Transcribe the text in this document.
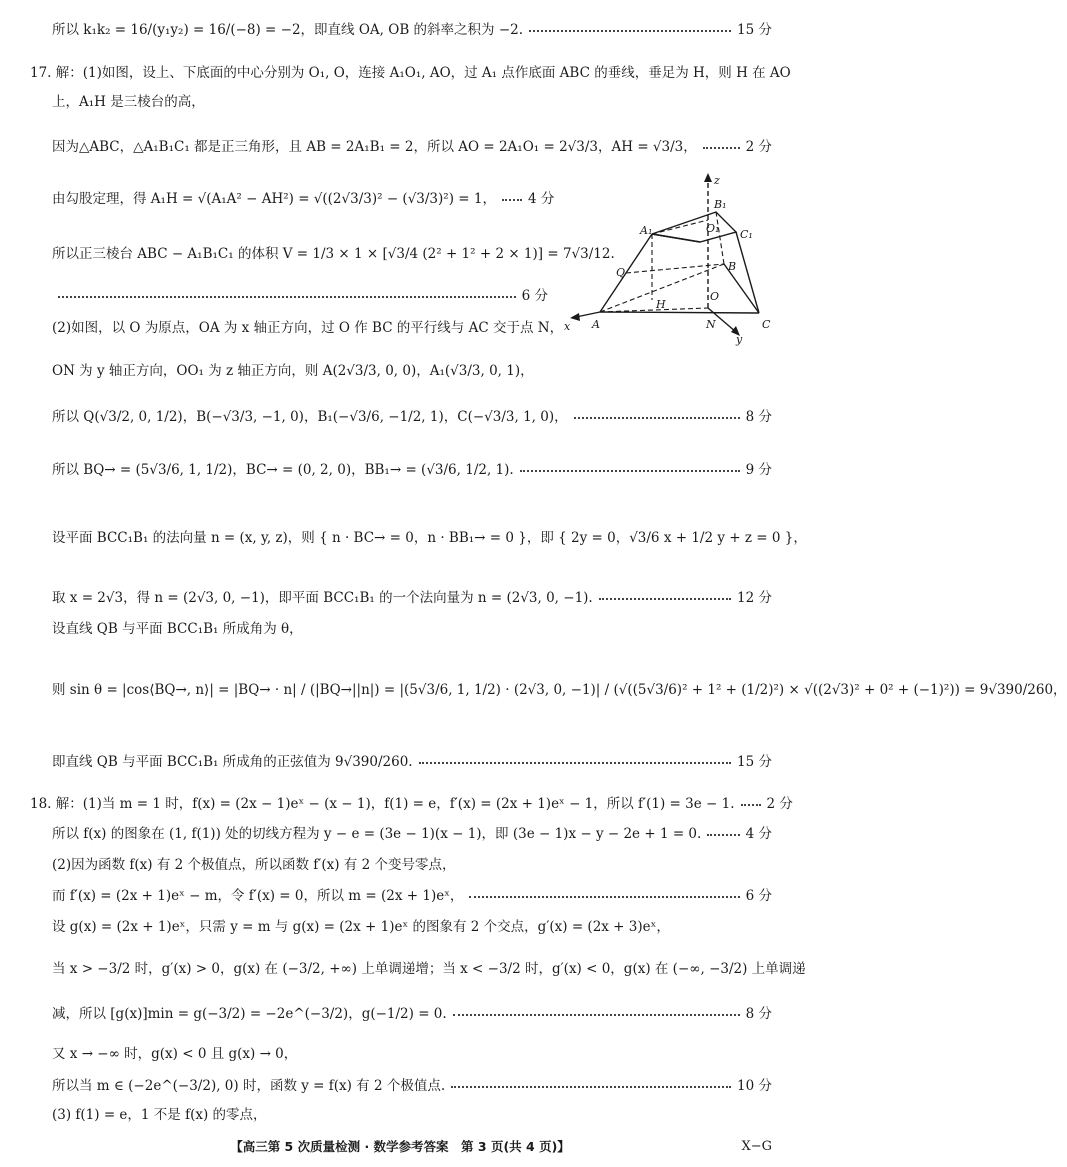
所以 k₁k₂ = 16/(y₁y₂) = 16/(−8) = −2，即直线 OA, OB 的斜率之积为 −2.	15 分
17. 解：(1)如图，设上、下底面的中心分别为 O₁, O，连接 A₁O₁, AO，过 A₁ 点作底面 ABC 的垂线，垂足为 H，则 H 在 AO
上，A₁H 是三棱台的高，
因为△ABC，△A₁B₁C₁ 都是正三角形，且 AB = 2A₁B₁ = 2，所以 AO = 2A₁O₁ = 2√3/3，AH = √3/3，	2 分
由勾股定理，得 A₁H = √(A₁A² − AH²) = √((2√3/3)² − (√3/3)²) = 1， 4 分
所以正三棱台 ABC − A₁B₁C₁ 的体积 V = 1/3 × 1 × [√3/4 (2² + 1² + 2 × 1)] = 7√3/12.
6 分
(2)如图，以 O 为原点，OA 为 x 轴正方向，过 O 作 BC 的平行线与 AC 交于点 N，
ON 为 y 轴正方向，OO₁ 为 z 轴正方向，则 A(2√3/3, 0, 0)，A₁(√3/3, 0, 1)，
所以 Q(√3/2, 0, 1/2)，B(−√3/3, −1, 0)，B₁(−√3/6, −1/2, 1)，C(−√3/3, 1, 0)，	8 分
所以 BQ→ = (5√3/6, 1, 1/2)，BC→ = (0, 2, 0)，BB₁→ = (√3/6, 1/2, 1).	9 分
设平面 BCC₁B₁ 的法向量 n = (x, y, z)，则 { n · BC→ = 0，n · BB₁→ = 0 }，即 { 2y = 0，√3/6 x + 1/2 y + z = 0 }，
取 x = 2√3，得 n = (2√3, 0, −1)，即平面 BCC₁B₁ 的一个法向量为 n = (2√3, 0, −1).	12 分
设直线 QB 与平面 BCC₁B₁ 所成角为 θ，
则 sin θ = |cos⟨BQ→, n⟩| = |BQ→ · n| / (|BQ→||n|) = |(5√3/6, 1, 1/2) · (2√3, 0, −1)| / (√((5√3/6)² + 1² + (1/2)²) × √((2√3)² + 0² + (−1)²)) = 9√390/260，
即直线 QB 与平面 BCC₁B₁ 所成角的正弦值为 9√390/260.	15 分
18. 解：(1)当 m = 1 时，f(x) = (2x − 1)eˣ − (x − 1)，f(1) = e，f′(x) = (2x + 1)eˣ − 1，所以 f′(1) = 3e − 1. 2 分
所以 f(x) 的图象在 (1, f(1)) 处的切线方程为 y − e = (3e − 1)(x − 1)，即 (3e − 1)x − y − 2e + 1 = 0.	4 分
(2)因为函数 f(x) 有 2 个极值点，所以函数 f′(x) 有 2 个变号零点，
而 f′(x) = (2x + 1)eˣ − m，令 f′(x) = 0，所以 m = (2x + 1)eˣ，	6 分
设 g(x) = (2x + 1)eˣ，只需 y = m 与 g(x) = (2x + 1)eˣ 的图象有 2 个交点，g′(x) = (2x + 3)eˣ，
当 x > −3/2 时，g′(x) > 0，g(x) 在 (−3/2, +∞) 上单调递增；当 x < −3/2 时，g′(x) < 0，g(x) 在 (−∞, −3/2) 上单调递
减，所以 [g(x)]min = g(−3/2) = −2e^(−3/2)，g(−1/2) = 0.	8 分
又 x → −∞ 时，g(x) < 0 且 g(x) → 0，
所以当 m ∈ (−2e^(−3/2), 0) 时，函数 y = f(x) 有 2 个极值点.	10 分
(3) f(1) = e，1 不是 f(x) 的零点，
z
B₁
A₁	O₁ C₁
Q	B
H
O
x A	N	C
y
【高三第 5 次质量检测 · 数学参考答案　第 3 页(共 4 页)】	X−G
